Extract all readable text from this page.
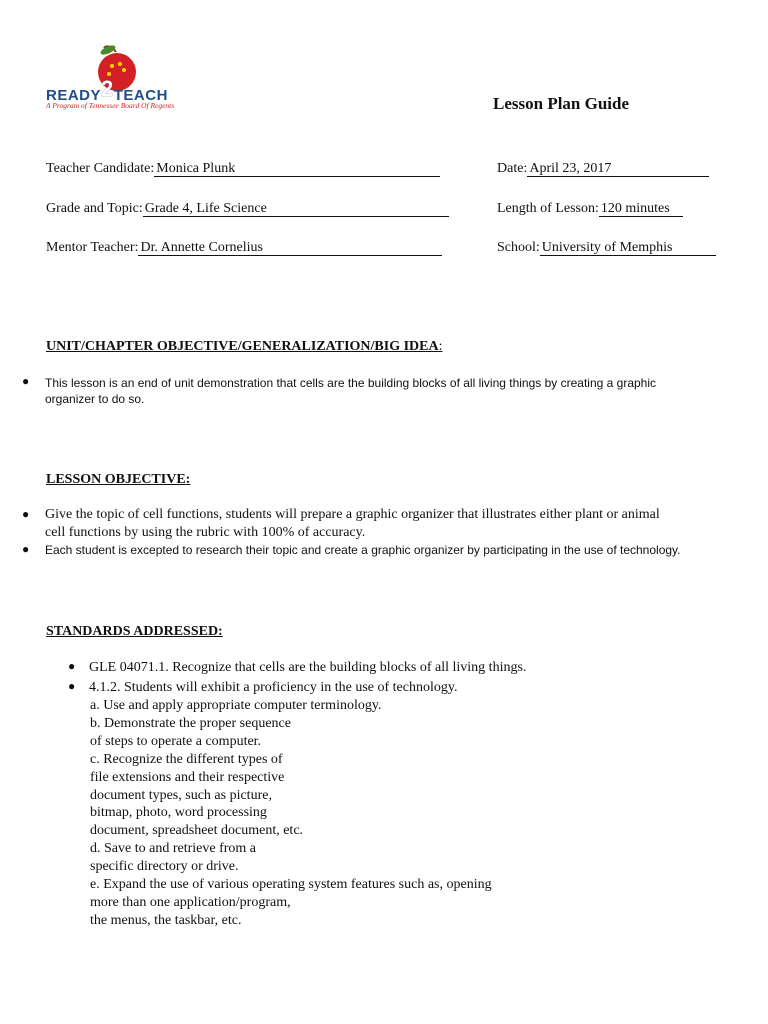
READY2TEACH
A Program of Tennessee Board Of Regents	Lesson Plan Guide
Teacher Candidate:Monica Plunk	Date:April 23, 2017
Grade and Topic:Grade 4, Life Science	Length of Lesson: 120 minutes
Mentor Teacher:Dr. Annette Cornelius	School:University of Memphis
UNIT/CHAPTER OBJECTIVE/GENERALIZATION/BIG IDEA:
● This lesson is an end of unit demonstration that cells are the building blocks of all living things by creating a graphic
organizer to do so.
LESSON OBJECTIVE:
● Give the topic of cell functions, students will prepare a graphic organizer that illustrates either plant or animal
cell functions by using the rubric with 100% of accuracy.
● Each student is excepted to research their topic and create a graphic organizer by participating in the use of technology.
STANDARDS ADDRESSED:
● GLE 04071.1. Recognize that cells are the building blocks of all living things.
● 4.1.2. Students will exhibit a proficiency in the use of technology.
a. Use and apply appropriate computer terminology.
b. Demonstrate the proper sequence
of steps to operate a computer.
c. Recognize the different types of
file extensions and their respective
document types, such as picture,
bitmap, photo, word processing
document, spreadsheet document, etc.
d. Save to and retrieve from a
specific directory or drive.
e. Expand the use of various operating system features such as, opening
more than one application/program,
the menus, the taskbar, etc.
